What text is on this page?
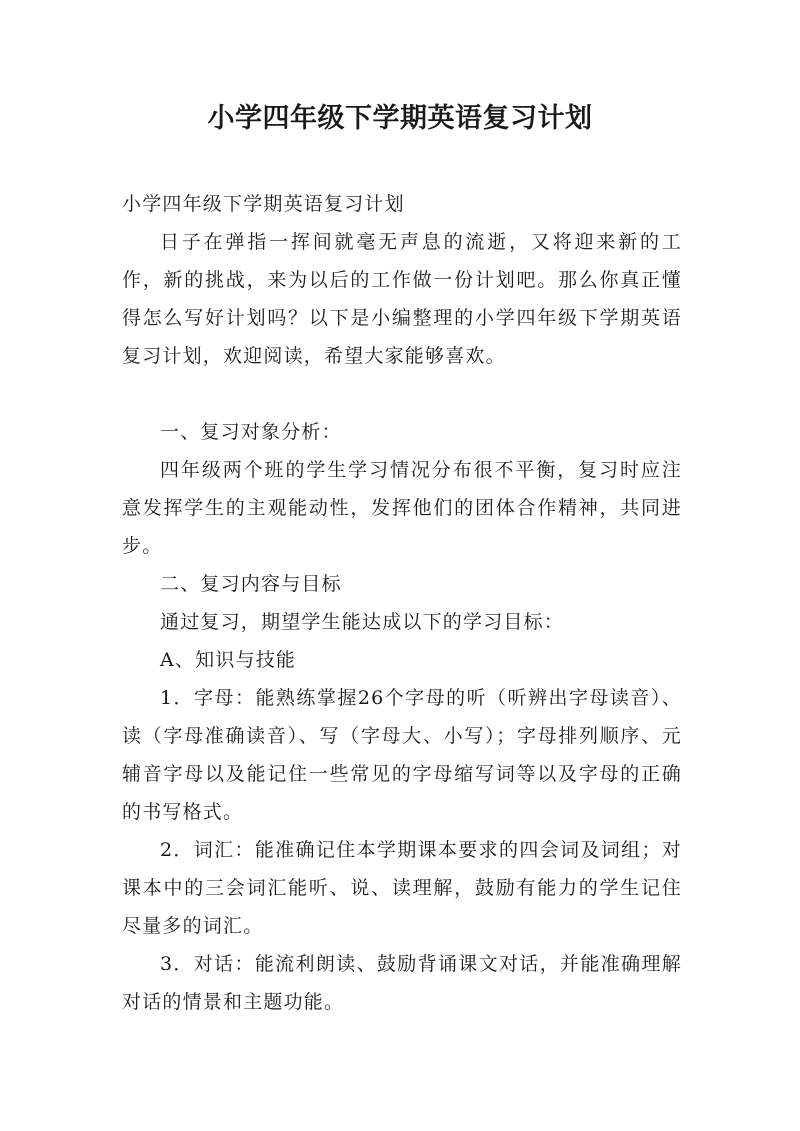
小学四年级下学期英语复习计划

小学四年级下学期英语复习计划

日子在弹指一挥间就毫无声息的流逝，又将迎来新的工作，新的挑战，来为以后的工作做一份计划吧。那么你真正懂得怎么写好计划吗？以下是小编整理的小学四年级下学期英语复习计划，欢迎阅读，希望大家能够喜欢。

一、复习对象分析：

四年级两个班的学生学习情况分布很不平衡，复习时应注意发挥学生的主观能动性，发挥他们的团体合作精神，共同进步。

二、复习内容与目标

通过复习，期望学生能达成以下的学习目标：

A、知识与技能

1．字母：能熟练掌握26个字母的听（听辨出字母读音）、读（字母准确读音）、写（字母大、小写）；字母排列顺序、元辅音字母以及能记住一些常见的字母缩写词等以及字母的正确的书写格式。

2．词汇：能准确记住本学期课本要求的四会词及词组；对课本中的三会词汇能听、说、读理解，鼓励有能力的学生记住尽量多的词汇。

3．对话：能流利朗读、鼓励背诵课文对话，并能准确理解对话的情景和主题功能。
